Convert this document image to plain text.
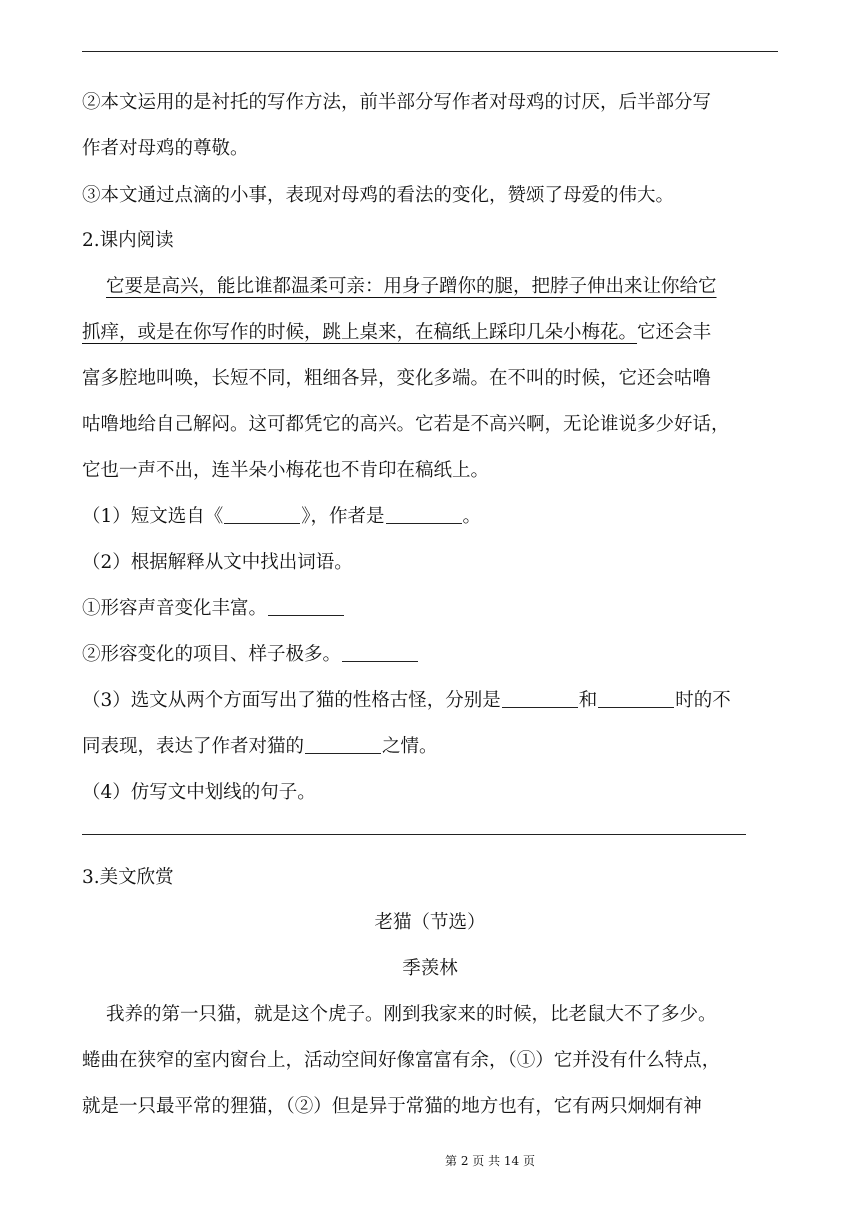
②本文运用的是衬托的写作方法，前半部分写作者对母鸡的讨厌，后半部分写
作者对母鸡的尊敬。
③本文通过点滴的小事，表现对母鸡的看法的变化，赞颂了母爱的伟大。
2.课内阅读
它要是高兴，能比谁都温柔可亲：用身子蹭你的腿，把脖子伸出来让你给它
抓痒，或是在你写作的时候，跳上桌来，在稿纸上踩印几朵小梅花。它还会丰
富多腔地叫唤，长短不同，粗细各异，变化多端。在不叫的时候，它还会咕噜
咕噜地给自己解闷。这可都凭它的高兴。它若是不高兴啊，无论谁说多少好话，
它也一声不出，连半朵小梅花也不肯印在稿纸上。
（1）短文选自《	》，作者是	。
（2）根据解释从文中找出词语。
①形容声音变化丰富。
②形容变化的项目、样子极多。
（3）选文从两个方面写出了猫的性格古怪，分别是	和	时的不
同表现，表达了作者对猫的	之情。
（4）仿写文中划线的句子。
3.美文欣赏
老猫（节选）
季羡林
我养的第一只猫，就是这个虎子。刚到我家来的时候，比老鼠大不了多少。
蜷曲在狭窄的室内窗台上，活动空间好像富富有余，（①）它并没有什么特点，
就是一只最平常的狸猫，（②）但是异于常猫的地方也有，它有两只炯炯有神
第 2 页 共 14 页
